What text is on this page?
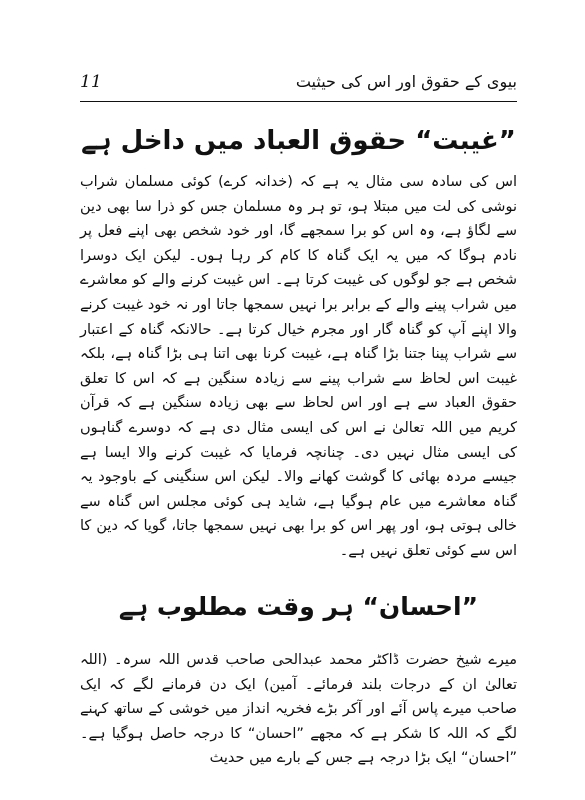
بیوی کے حقوق اور اس کی حیثیت
11
”غیبت“ حقوق العباد میں داخل ہے
اس کی سادہ سی مثال یہ ہے کہ (خدانہ کرے) کوئی مسلمان شراب نوشی کی لت میں مبتلا ہو، تو ہر وہ مسلمان جس کو ذرا سا بھی دین سے لگاؤ ہے، وہ اس کو برا سمجھے گا، اور خود شخص بھی اپنے فعل پر نادم ہوگا کہ میں یہ ایک گناہ کا کام کر رہا ہوں۔ لیکن ایک دوسرا شخص ہے جو لوگوں کی غیبت کرتا ہے۔ اس غیبت کرنے والے کو معاشرے میں شراب پینے والے کے برابر برا نہیں سمجھا جاتا اور نہ خود غیبت کرنے والا اپنے آپ کو گناہ گار اور مجرم خیال کرتا ہے۔ حالانکہ گناہ کے اعتبار سے شراب پینا جتنا بڑا گناہ ہے، غیبت کرنا بھی اتنا ہی بڑا گناہ ہے، بلکہ غیبت اس لحاظ سے شراب پینے سے زیادہ سنگین ہے کہ اس کا تعلق حقوق العباد سے ہے اور اس لحاظ سے بھی زیادہ سنگین ہے کہ قرآن کریم میں اللہ تعالیٰ نے اس کی ایسی مثال دی ہے کہ دوسرے گناہوں کی ایسی مثال نہیں دی۔ چنانچہ فرمایا کہ غیبت کرنے والا ایسا ہے جیسے مردہ بھائی کا گوشت کھانے والا۔ لیکن اس سنگینی کے باوجود یہ گناہ معاشرے میں عام ہوگیا ہے، شاید ہی کوئی مجلس اس گناہ سے خالی ہوتی ہو، اور پھر اس کو برا بھی نہیں سمجھا جاتا، گویا کہ دین کا اس سے کوئی تعلق نہیں ہے۔
”احسان“ ہر وقت مطلوب ہے
میرے شیخ حضرت ڈاکٹر محمد عبدالحی صاحب قدس اللہ سرہ۔ (اللہ تعالیٰ ان کے درجات بلند فرمائے۔ آمین) ایک دن فرمانے لگے کہ ایک صاحب میرے پاس آئے اور آکر بڑے فخریہ انداز میں خوشی کے ساتھ کہنے لگے کہ اللہ کا شکر ہے کہ مجھے ”احسان“ کا درجہ حاصل ہوگیا ہے۔ ”احسان“ ایک بڑا درجہ ہے جس کے بارے میں حدیث
